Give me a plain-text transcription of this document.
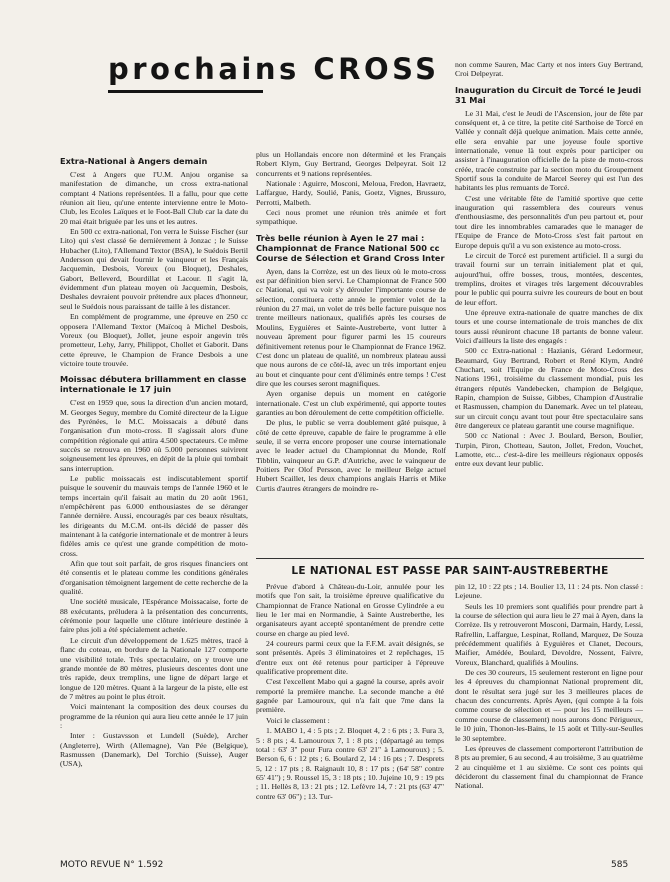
prochains CROSS
Extra-National à Angers demain

C'est à Angers que l'U.M. Anjou organise sa manifestation de dimanche, un cross extra-national comptant 4 Nations représentées. Il a fallu, pour que cette réunion ait lieu, qu'une entente intervienne entre le Moto-Club, les Ecoles Laïques et le Foot-Ball Club car la date du 20 mai était briguée par les uns et les autres.

En 500 cc extra-national, l'on verra le Suisse Fischer (sur Lito) qui s'est classé 6e dernièrement à Jonzac ; le Suisse Hubacher (Lito), l'Allemand Textor (BSA), le Suédois Bertil Andersson qui devait fournir le vainqueur et les Français Jacquemin, Desbois, Voreux (ou Bloquet), Deshales, Gabort, Belleverd, Bourdillat et Lacour. Il s'agit là, évidemment d'un plateau moyen où Jacquemin, Desbois, Deshales devraient pouvoir prétendre aux places d'honneur, seul le Suédois nous paraissant de taille à les distancer.

En complément de programme, une épreuve en 250 cc opposera l'Allemand Textor (Maïcoq à Michel Desbois, Voreux (ou Bloquet), Jollet, jeune espoir angevin très prometteur, Lehy, Jarry, Philippot, Chollet et Gaborit. Dans cette épreuve, le Champion de France Desbois a une victoire toute trouvée.

Moissac débutera brillamment en classe internationale le 17 juin

C'est en 1959 que, sous la direction d'un ancien motard, M. Georges Seguy, membre du Comité directeur de la Ligue des Pyrénées, le M.C. Moissacais a débuté dans l'organisation d'un moto-cross. Il s'agissait alors d'une compétition régionale qui attira 4.500 spectateurs. Ce même succès se retrouva en 1960 où 5.000 personnes suivirent soigneusement les épreuves, en dépit de la pluie qui tombait sans interruption.

Le public moissacais est indiscutablement sportif puisque le souvenir du mauvais temps de l'année 1960 et le temps incertain qu'il faisait au matin du 20 août 1961, n'empêchèrent pas 6.000 enthousiastes de se déranger l'année dernière. Aussi, encouragés par ces beaux résultats, les dirigeants du M.C.M. ont-ils décidé de passer dès maintenant à la catégorie internationale et de montrer à leurs fidèles amis ce qu'est une grande compétition de moto-cross.

Afin que tout soit parfait, de gros risques financiers ont été consentis et le plateau comme les conditions générales d'organisation témoignent largement de cette recherche de la qualité.

Une société musicale, l'Espérance Moissacaise, forte de 88 exécutants, préludera à la présentation des concurrents, cérémonie pour laquelle une clôture intérieure destinée à faire plus joli a été spécialement achetée.

Le circuit d'un développement de 1.625 mètres, tracé à flanc du coteau, en bordure de la Nationale 127 comporte une visibilité totale. Très spectaculaire, on y trouve une grande montée de 80 mètres, plusieurs descentes dont une très rapide, deux tremplins, une ligne de départ large et longue de 120 mètres. Quant à la largeur de la piste, elle est de 7 mètres au point le plus étroit.

Voici maintenant la composition des deux courses du programme de la réunion qui aura lieu cette année le 17 juin :

Inter : Gustavsson et Lundell (Suède), Archer (Angleterre), Wirth (Allemagne), Van Pée (Belgique), Rasmussen (Danemark), Del Torchio (Suisse), Auger (USA),

plus un Hollandais encore non déterminé et les Français Robert Klym, Guy Bertrand, Georges Delpeyrat. Soit 12 concurrents et 9 nations représentées.

Nationale : Aguirre, Mosconi, Meloua, Fredon, Havraetz, Laffargue, Hardy, Soulié, Panis, Goetz, Vignes, Brussuro, Perrotti, Malbeth.

Ceci nous promet une réunion très animée et fort sympathique.

Très belle réunion à Ayen le 27 mai : Championnat de France National 500 cc Course de Sélection et Grand Cross Inter

Ayen, dans la Corrèze, est un des lieux où le moto-cross est par définition bien servi. Le Championnat de France 500 cc National, qui va voir s'y dérouler l'importante course de sélection, constituera cette année le premier volet de la réunion du 27 mai, un volet de très belle facture puisque nos trente meilleurs nationaux, qualifiés après les courses de Moulins, Eyguières et Sainte-Austreberte, vont lutter à nouveau âprement pour figurer parmi les 15 coureurs définitivement retenus pour le Championnat de France 1962. C'est donc un plateau de qualité, un nombreux plateau aussi que nous aurons de ce côté-là, avec un très important enjeu au bout et cinquante pour cent d'éliminés entre temps ! C'est dire que les courses seront magnifiques.

Ayen organise depuis un moment en catégorie internationale. C'est un club expérimenté, qui apporte toutes garanties au bon déroulement de cette compétition officielle.

De plus, le public se verra doublement gâté puisque, à côté de cette épreuve, capable de faire le programme à elle seule, il se verra encore proposer une course internationale avec le leader actuel du Championnat du Monde, Rolf Tibblin, vainqueur au G.P. d'Autriche, avec le vainqueur de Poitiers Per Olof Persson, avec le meilleur Belge actuel Hubert Scaillet, les deux champions anglais Harris et Mike Curtis d'autres étrangers de moindre re-

non comme Sauren, Mac Carty et nos inters Guy Bertrand, Croi Delpeyrat.

Inauguration du Circuit de Torcé le Jeudi 31 Mai

Le 31 Mai, c'est le Jeudi de l'Ascension, jour de fête par conséquent et, à ce titre, la petite cité Sarthoise de Torcé en Vallée y connaît déjà quelque animation. Mais cette année, elle sera envahie par une joyeuse foule sportive internationale, venue là tout exprès pour participer ou assister à l'inauguration officielle de la piste de moto-cross créée, tracée construite par la section moto du Groupement Sportif sous la conduite de Marcel Seerey qui est l'un des habitants les plus remuants de Torcé.

C'est une véritable fête de l'amitié sportive que cette inauguration qui rassemblera des coureurs venus d'enthousiasme, des personnalités d'un peu partout et, pour tout dire les innombrables camarades que le manager de l'Equipe de France de Moto-Cross s'est fait partout en Europe depuis qu'il a vu son existence au moto-cross.

Le circuit de Torcé est purement artificiel. Il a surgi du travail fourni sur un terrain initialement plat et qui, aujourd'hui, offre bosses, trous, montées, descentes, tremplins, droites et virages très largement découvrables pour le public qui pourra suivre les coureurs de bout en bout de leur effort.

Une épreuve extra-nationale de quatre manches de dix tours et une course internationale de trois manches de dix tours aussi réuniront chacune 18 partants de bonne valeur. Voici d'ailleurs la liste des engagés :

500 cc Extra-national : Hazianis, Gérard Ledormeur, Beaumard, Guy Bertrand, Robert et René Klym, André Chuchart, soit l'Equipe de France de Moto-Cross des Nations 1961, troisième du classement mondial, puis les étrangers réputés Vandebecken, champion de Belgique, Rapin, champion de Suisse, Gibbes, Champion d'Australie et Rasmussen, champion du Danemark. Avec un tel plateau, sur un circuit conçu avant tout pour être spectaculaire sans être dangereux ce plateau garantit une course magnifique.

500 cc National : Avec J. Boulard, Berson, Boulier, Turpin, Piron, Chotteau, Sauton, Jollet, Fredon, Vouchet, Lamotte, etc... c'est-à-dire les meilleurs régionaux opposés entre eux devant leur public.

LE NATIONAL EST PASSE PAR SAINT-AUSTREBERTHE

Prévue d'abord à Château-du-Loir, annulée pour les motifs que l'on sait, la troisième épreuve qualificative du Championnat de France National en Grosse Cylindrée a eu lieu le 1er mai en Normandie, à Sainte Austreberthe, les organisateurs ayant accepté spontanément de prendre cette course en charge au pied levé.

24 coureurs parmi ceux que la F.F.M. avait désignés, se sont présentés. Après 3 éliminatoires et 2 repêchages, 15 d'entre eux ont été retenus pour participer à l'épreuve qualificative proprement dite.

C'est l'excellent Mabo qui a gagné la course, après avoir remporté la première manche. La seconde manche a été gagnée par Lamouroux, qui n'a fait que 7me dans la première.

Voici le classement :

1. MABO 1, 4 : 5 pts ; 2. Bloquet 4, 2 : 6 pts ; 3. Fura 3, 5 : 8 pts ; 4. Lamouroux 7, 1 : 8 pts ; (départagé au temps total : 63' 3" pour Fura contre 63' 21" à Lamouroux) ; 5. Berson 6, 6 : 12 pts ; 6. Boulard 2, 14 : 16 pts ; 7. Desprets 5, 12 : 17 pts ; 8. Raignault 10, 8 : 17 pts ; (64' 58" contre 65' 41") ; 9. Roussel 15, 3 : 18 pts ; 10. Jujeine 10, 9 : 19 pts ; 11. Hellès 8, 13 : 21 pts ; 12. Lefèvre 14, 7 : 21 pts (63' 47" contre 63' 06") ; 13. Tur-

pin 12, 10 : 22 pts ; 14. Boulier 13, 11 : 24 pts. Non classé : Lejeune.

Seuls les 10 premiers sont qualifiés pour prendre part à la course de sélection qui aura lieu le 27 mai à Ayen, dans la Corrèze. Ils y retrouveront Mosconi, Darmain, Hardy, Lessi, Rafrellin, Laffargue, Lespinat, Rolland, Marquez, De Souza précédemment qualifiés à Eyguières et Clanet, Decours, Maifier, Amédée, Boulard, Devoldre, Nossent, Faivre, Voreux, Blanchard, qualifiés à Moulins.

De ces 30 coureurs, 15 seulement resteront en ligne pour les 4 épreuves du championnat National proprement dit, dont le résultat sera jugé sur les 3 meilleures places de chacun des concurrents. Après Ayen, (qui compte à la fois comme course de sélection et — pour les 15 meilleurs — comme course de classement) nous aurons donc Périgueux, le 10 juin, Thonon-les-Bains, le 15 août et Tilly-sur-Seulles le 30 septembre.

Les épreuves de classement comporteront l'attribution de 8 pts au premier, 6 au second, 4 au troisième, 3 au quatrième 2 au cinquième et 1 au sixième. Ce sont ces points qui décideront du classement final du championnat de France National.

MOTO REVUE N° 1.592	585
